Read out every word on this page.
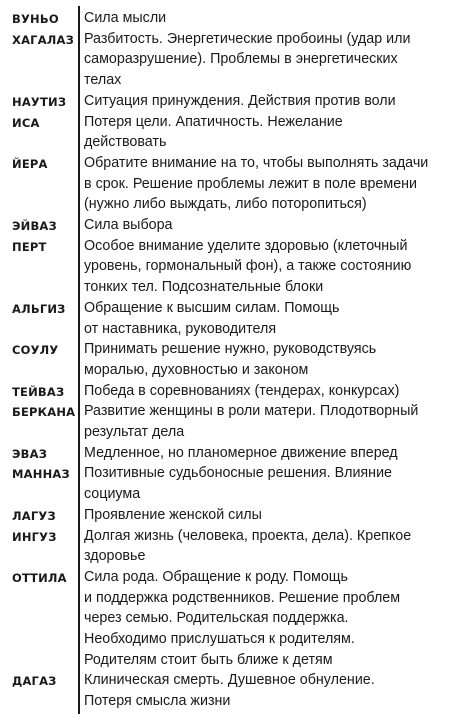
ВУНЬО Сила мысли
ХАГАЛАЗ Разбитость. Энергетические пробоины (удар или
саморазрушение). Проблемы в энергетических
телах
НАУТИЗ Ситуация принуждения. Действия против воли
ИСА	Потеря цели. Апатичность. Нежелание
действовать
ЙЕРА	Обратите внимание на то, чтобы выполнять задачи
в срок. Решение проблемы лежит в поле времени
(нужно либо выждать, либо поторопиться)
ЭЙВАЗ Сила выбора
ПЕРТ	Особое внимание уделите здоровью (клеточный
уровень, гормональный фон), а также состоянию
тонких тел. Подсознательные блоки
АЛЬГИЗ Обращение к высшим силам. Помощь
от наставника, руководителя
СОУЛУ Принимать решение нужно, руководствуясь
моралью, духовностью и законом
ТЕЙВАЗ Победа в соревнованиях (тендерах, конкурсах)
БЕРКАНА Развитие женщины в роли матери. Плодотворный
результат дела
ЭВАЗ	Медленное, но планомерное движение вперед
МАННАЗ Позитивные судьбоносные решения. Влияние
социума
ЛАГУЗ Проявление женской силы
ИНГУЗ Долгая жизнь (человека, проекта, дела). Крепкое
здоровье
ОТТИЛА Сила рода. Обращение к роду. Помощь
и поддержка родственников. Решение проблем
через семью. Родительская поддержка.
Необходимо прислушаться к родителям.
Родителям стоит быть ближе к детям
ДАГАЗ Клиническая смерть. Душевное обнуление.
Потеря смысла жизни
